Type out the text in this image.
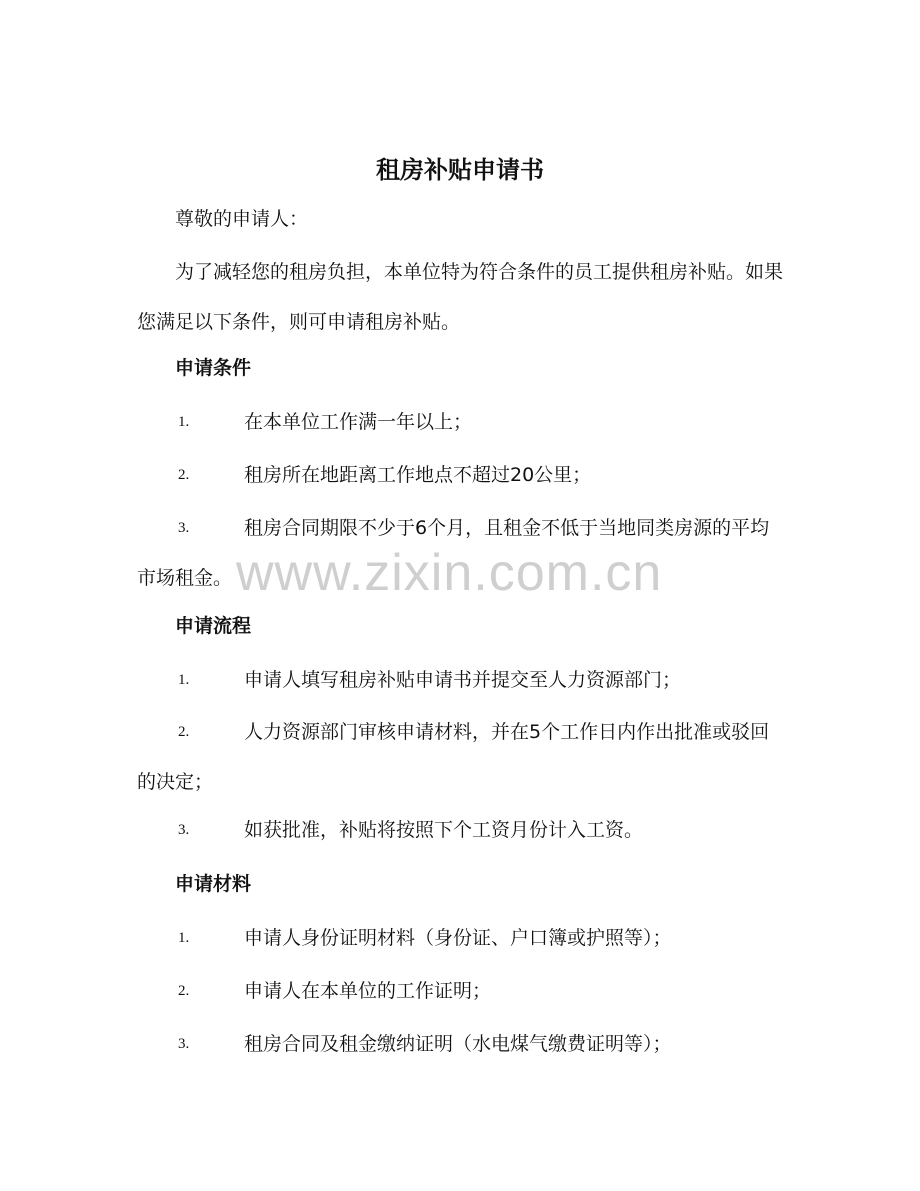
租房补贴申请书
尊敬的申请人：
为了减轻您的租房负担，本单位特为符合条件的员工提供租房补贴。如果您满足以下条件，则可申请租房补贴。
申请条件
1.	在本单位工作满一年以上；
2.	租房所在地距离工作地点不超过20公里；
3.	租房合同期限不少于6个月，且租金不低于当地同类房源的平均市场租金。
申请流程
1.	申请人填写租房补贴申请书并提交至人力资源部门；
2.	人力资源部门审核申请材料，并在5个工作日内作出批准或驳回的决定；
3.	如获批准，补贴将按照下个工资月份计入工资。
申请材料
1.	申请人身份证明材料（身份证、户口簿或护照等）；
2.	申请人在本单位的工作证明；
3.	租房合同及租金缴纳证明（水电煤气缴费证明等）；
www.zixin.com.cn
